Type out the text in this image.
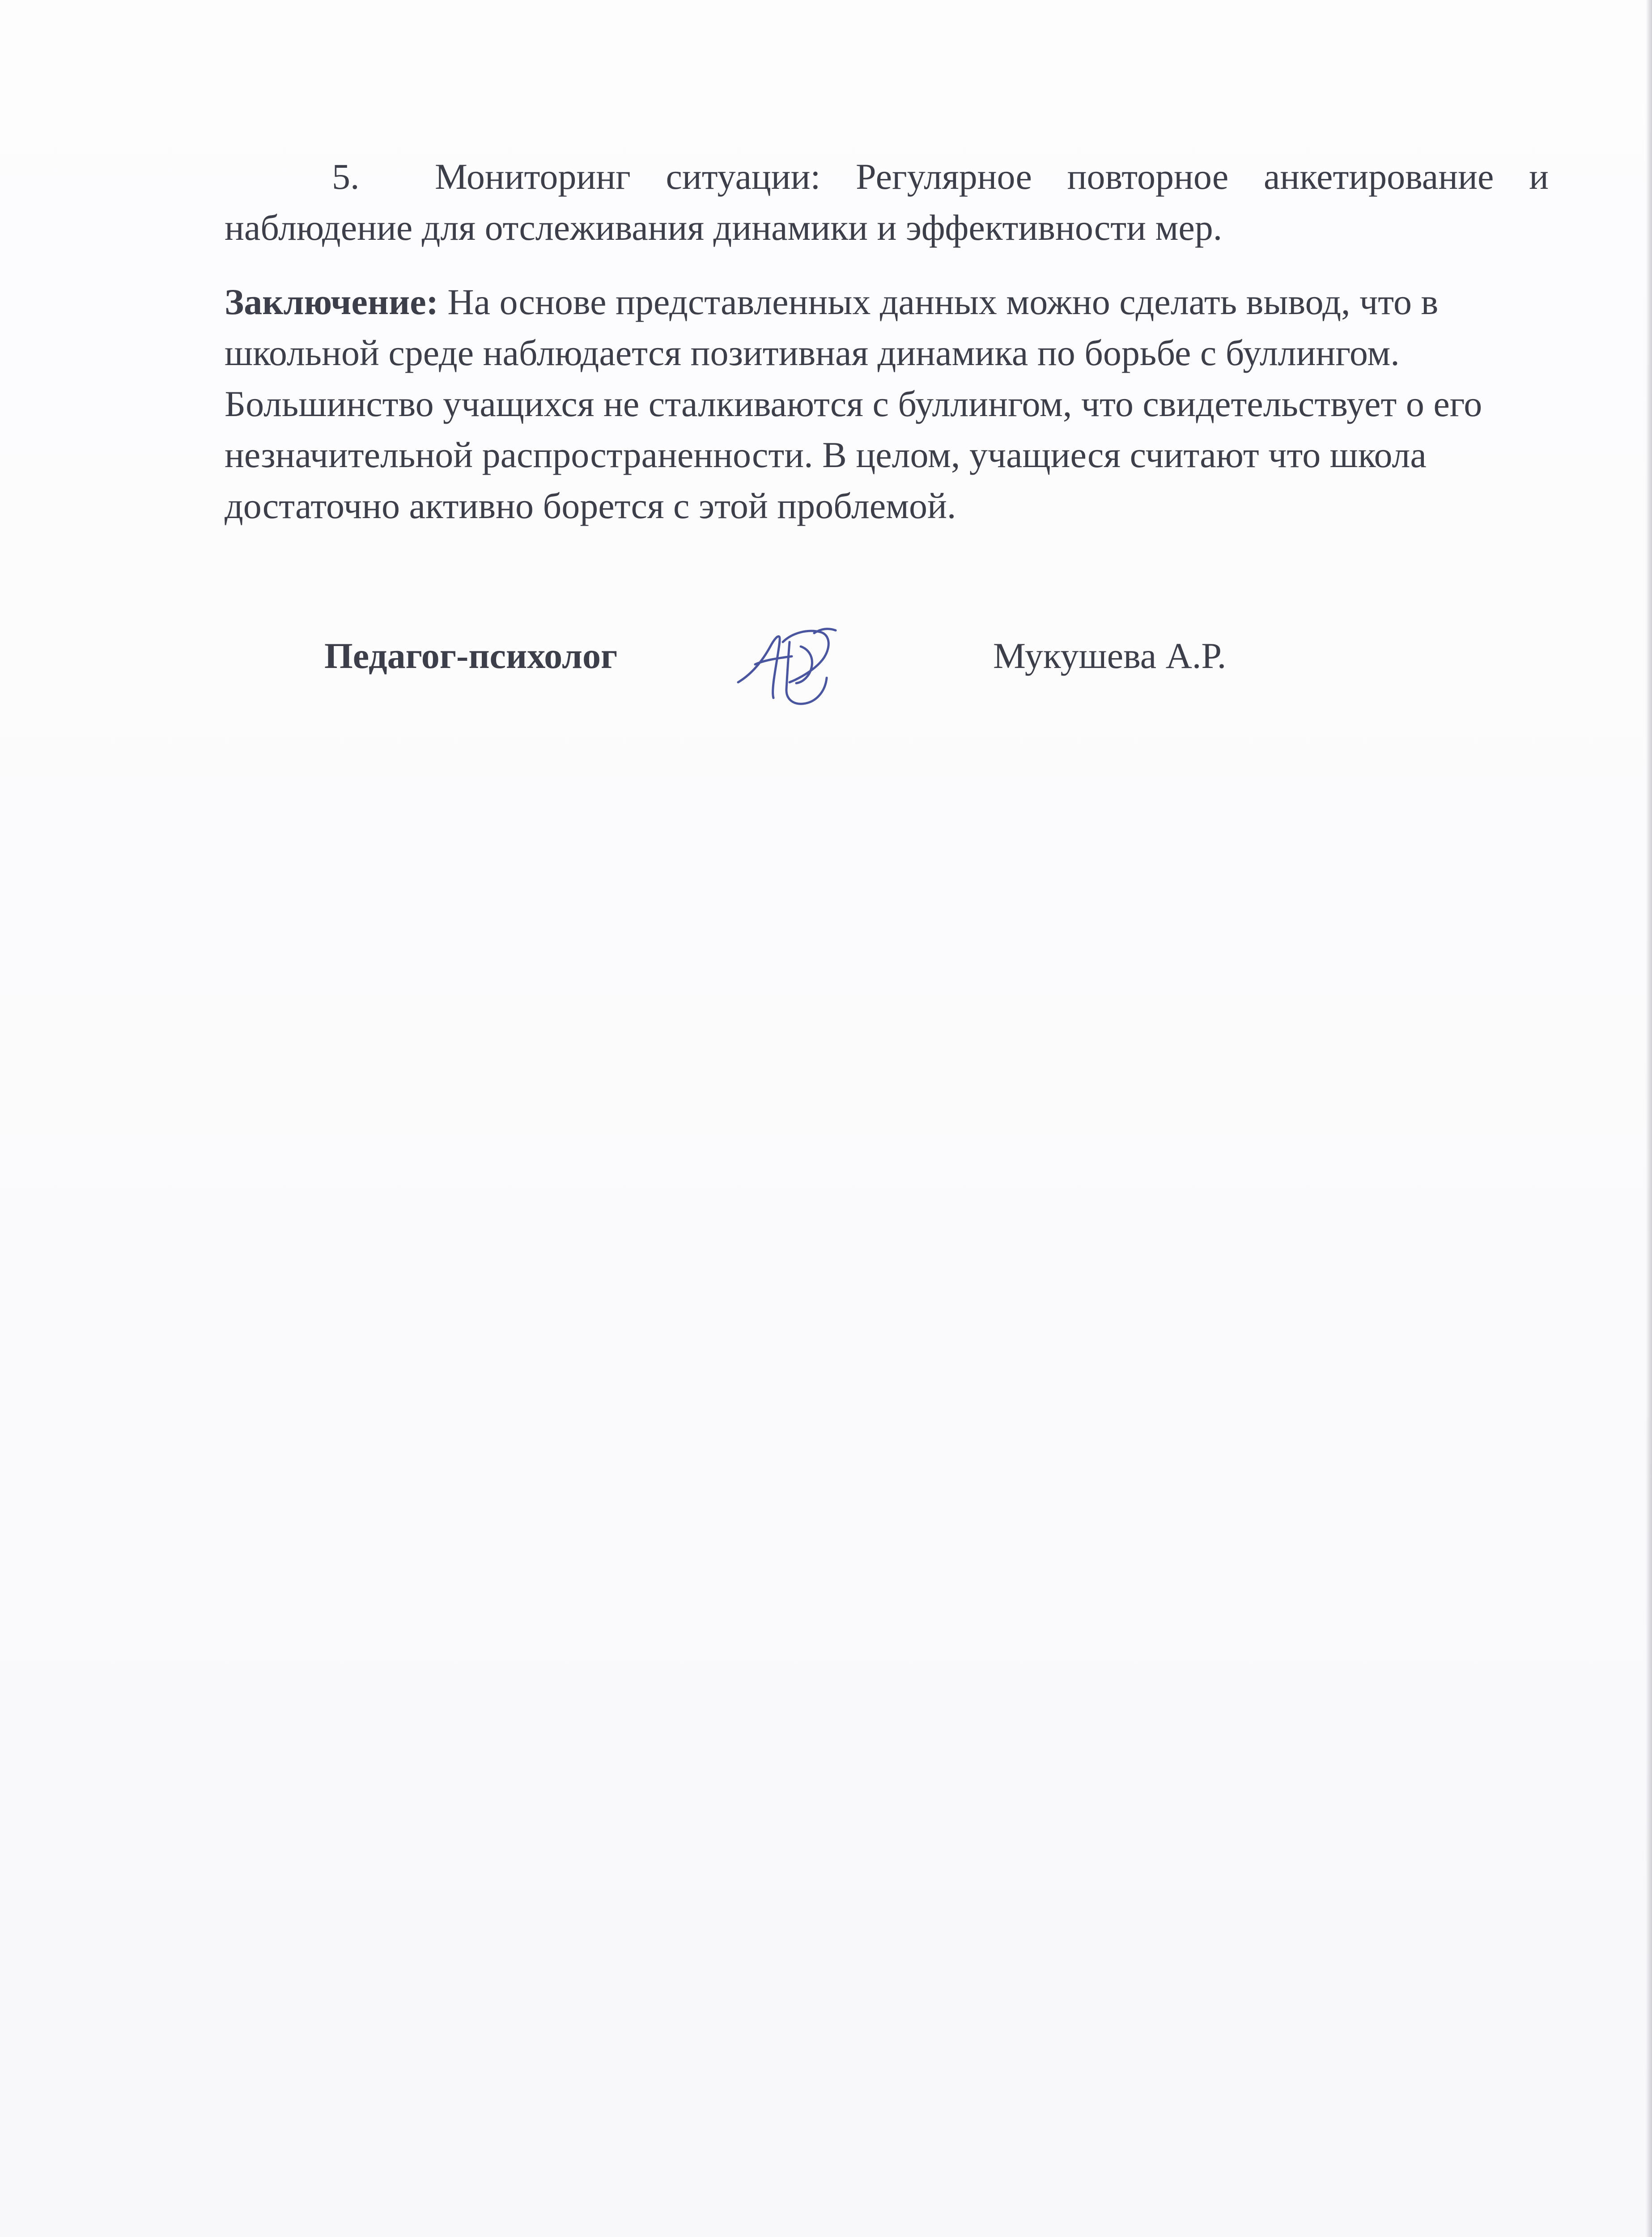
5. Мониторинг ситуации: Регулярное повторное анкетирование и наблюдение для отслеживания динамики и эффективности мер.
Заключение: На основе представленных данных можно сделать вывод, что в школьной среде наблюдается позитивная динамика по борьбе с буллингом. Большинство учащихся не сталкиваются с буллингом, что свидетельствует о его незначительной распространенности. В целом, учащиеся считают что школа достаточно активно борется с этой проблемой.
Педагог-психолог	Мукушева А.Р.
